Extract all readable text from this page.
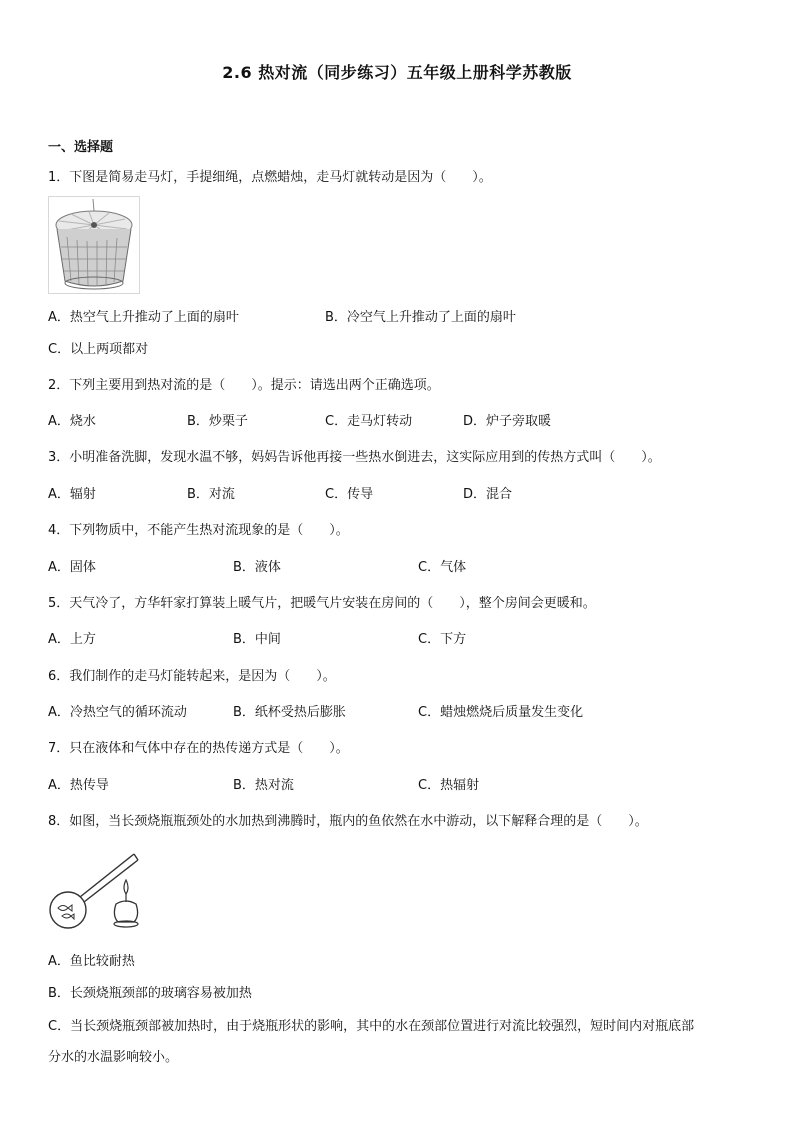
2.6 热对流（同步练习）五年级上册科学苏教版
一、选择题
1．下图是简易走马灯，手提细绳，点燃蜡烛，走马灯就转动是因为（　　）。
A．热空气上升推动了上面的扇叶	B．冷空气上升推动了上面的扇叶
C．以上两项都对
2．下列主要用到热对流的是（　　）。提示：请选出两个正确选项。
A．烧水	B．炒栗子	C．走马灯转动	D．炉子旁取暖
3．小明准备洗脚，发现水温不够，妈妈告诉他再接一些热水倒进去，这实际应用到的传热方式叫（　　）。
A．辐射	B．对流	C．传导	D．混合
4．下列物质中，不能产生热对流现象的是（　　）。
A．固体	B．液体	C．气体
5．天气冷了，方华轩家打算装上暖气片，把暖气片安装在房间的（　　），整个房间会更暖和。
A．上方	B．中间	C．下方
6．我们制作的走马灯能转起来，是因为（　　）。
A．冷热空气的循环流动	B．纸杯受热后膨胀	C．蜡烛燃烧后质量发生变化
7．只在液体和气体中存在的热传递方式是（　　）。
A．热传导	B．热对流	C．热辐射
8．如图，当长颈烧瓶瓶颈处的水加热到沸腾时，瓶内的鱼依然在水中游动，以下解释合理的是（　　）。
A．鱼比较耐热
B．长颈烧瓶颈部的玻璃容易被加热
C．当长颈烧瓶颈部被加热时，由于烧瓶形状的影响，其中的水在颈部位置进行对流比较强烈，短时间内对瓶底部
分水的水温影响较小。
